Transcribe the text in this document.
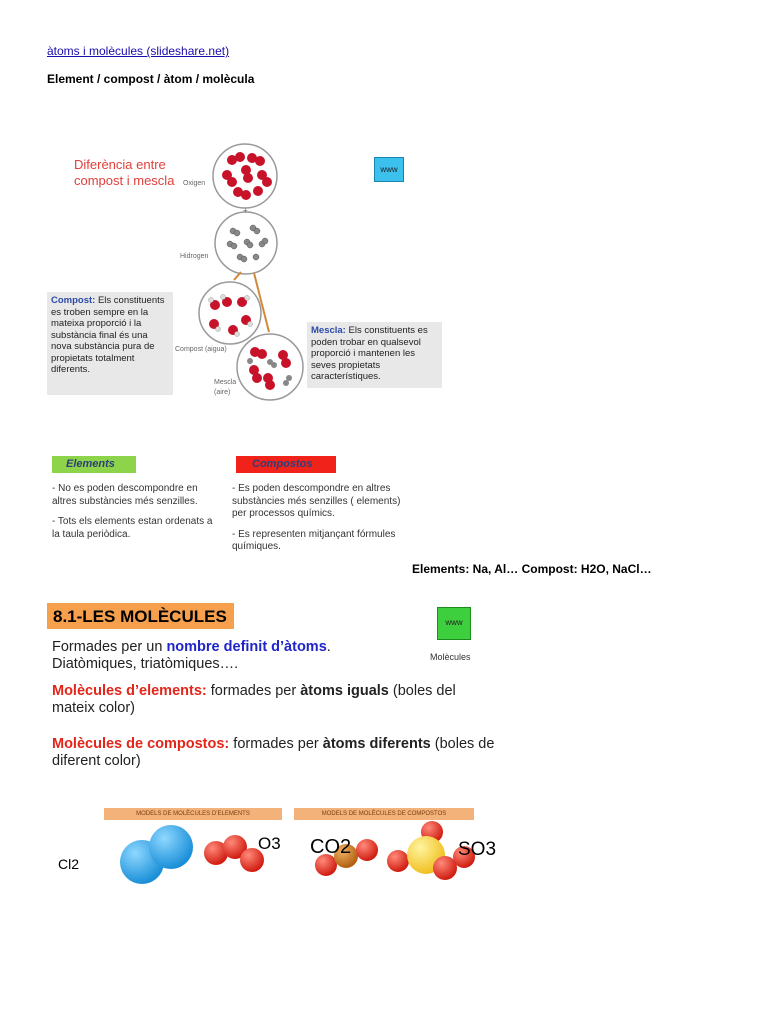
àtoms i molècules (slideshare.net)
Element / compost / àtom / molècula
Diferència entre compost i mescla
+
Oxigen
Hidrogen
Compost (aigua)
Mescla (aire)
www
Compost: Els constituents es troben sempre en la mateixa proporció i la substància final és una nova substància pura de propietats totalment diferents.
Mescla: Els constituents es poden trobar en qualsevol proporció i mantenen les seves propietats característiques.
Elements	Compostos

- No es poden descompondre en altres substàncies més senzilles.

- Tots els elements estan ordenats a la taula periòdica.

- Es poden descompondre en altres substàncies més senzilles ( elements) per processos químics.

- Es representen mitjançant fórmules químiques.

Elements: Na, Al… Compost: H2O, NaCl…
8.1-LES MOLÈCULES	www
Molècules
Formades per un nombre definit d’àtoms.
Diatòmiques, triatòmiques….
Molècules d’elements: formades per àtoms iguals (boles del mateix color)
Molècules de compostos: formades per àtoms diferents (boles de diferent color)
MODELS DE MOLÈCULES D’ELEMENTS	MODELS DE MOLÈCULES DE COMPOSTOS
Cl2
O3 CO2	SO3
